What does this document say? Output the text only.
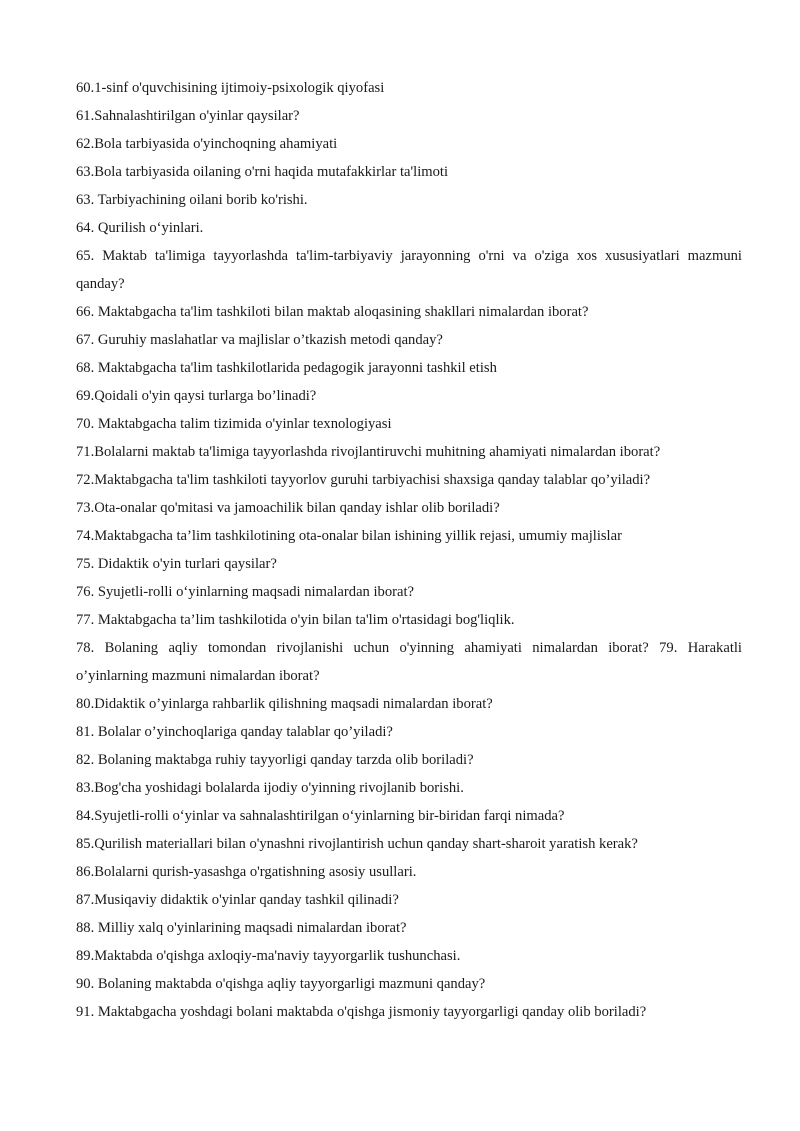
60.1-sinf o'quvchisining ijtimoiy-psixologik qiyofasi
61.Sahnalashtirilgan o'yinlar qaysilar?
62.Bola tarbiyasida o'yinchoqning ahamiyati
63.Bola tarbiyasida oilaning o'rni haqida mutafakkirlar ta'limoti
63. Tarbiyachining oilani borib ko'rishi.
64. Qurilish o‘yinlari.
65. Maktab ta'limiga tayyorlashda ta'lim-tarbiyaviy jarayonning o'rni va o'ziga xos xususiyatlari mazmuni qanday?
66. Maktabgacha ta'lim tashkiloti bilan maktab aloqasining shakllari nimalardan iborat?
67. Guruhiy maslahatlar va majlislar o’tkazish metodi qanday?
68. Maktabgacha ta'lim tashkilotlarida pedagogik jarayonni tashkil etish
69.Qoidali o'yin qaysi turlarga bo’linadi?
70. Maktabgacha talim tizimida o'yinlar texnologiyasi
71.Bolalarni maktab ta'limiga tayyorlashda rivojlantiruvchi muhitning ahamiyati nimalardan iborat?
72.Maktabgacha ta'lim tashkiloti tayyorlov guruhi tarbiyachisi shaxsiga qanday talablar qo’yiladi?
73.Ota-onalar qo'mitasi va jamoachilik bilan qanday ishlar olib boriladi?
74.Maktabgacha ta’lim tashkilotining ota-onalar bilan ishining yillik rejasi, umumiy majlislar
75. Didaktik o'yin turlari qaysilar?
76. Syujetli-rolli o‘yinlarning maqsadi nimalardan iborat?
77. Maktabgacha ta’lim tashkilotida o'yin bilan ta'lim o'rtasidagi bog'liqlik.
78. Bolaning aqliy tomondan rivojlanishi uchun o'yinning ahamiyati nimalardan iborat? 79. Harakatli o’yinlarning mazmuni nimalardan iborat?
80.Didaktik o’yinlarga rahbarlik qilishning maqsadi nimalardan iborat?
81. Bolalar o’yinchoqlariga qanday talablar qo’yiladi?
82. Bolaning maktabga ruhiy tayyorligi qanday tarzda olib boriladi?
83.Bog'cha yoshidagi bolalarda ijodiy o'yinning rivojlanib borishi.
84.Syujetli-rolli o‘yinlar va sahnalashtirilgan o‘yinlarning bir-biridan farqi nimada?
85.Qurilish materiallari bilan o'ynashni rivojlantirish uchun qanday shart-sharoit yaratish kerak?
86.Bolalarni qurish-yasashga o'rgatishning asosiy usullari.
87.Musiqaviy didaktik o'yinlar qanday tashkil qilinadi?
88. Milliy xalq o'yinlarining maqsadi nimalardan iborat?
89.Maktabda o'qishga axloqiy-ma'naviy tayyorgarlik tushunchasi.
90. Bolaning maktabda o'qishga aqliy tayyorgarligi mazmuni qanday?
91. Maktabgacha yoshdagi bolani maktabda o'qishga jismoniy tayyorgarligi qanday olib boriladi?
